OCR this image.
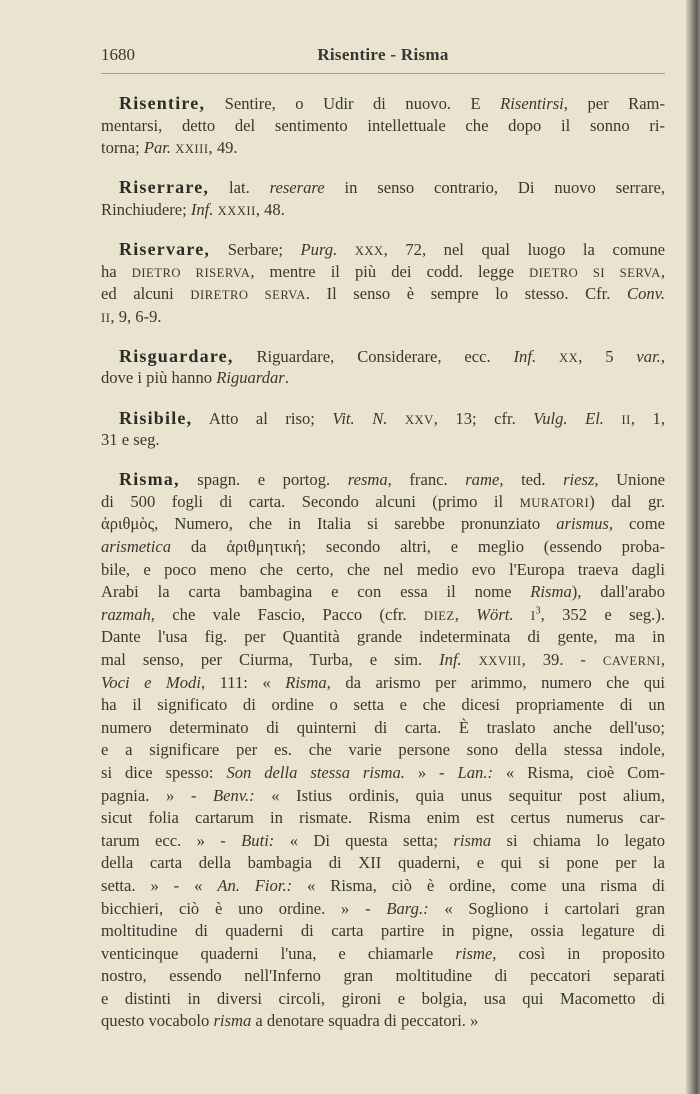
1680	Risentire - Risma
Risentire, Sentire, o Udir di nuovo. E Risentirsi, per Ram-
mentarsi, detto del sentimento intellettuale che dopo il sonno ri-
torna; Par. XXIII, 49.
Riserrare, lat. reserare in senso contrario, Di nuovo serrare,
Rinchiudere; Inf. XXXII, 48.
Riservare, Serbare; Purg. XXX, 72, nel qual luogo la comune
ha DIETRO RISERVA, mentre il più dei codd. legge DIETRO SI SERVA,
ed alcuni DIRETRO SERVA. Il senso è sempre lo stesso. Cfr. Conv.
II, 9, 6-9.
Risguardare, Riguardare, Considerare, ecc. Inf. XX, 5 var.,
dove i più hanno Riguardar.
Risibile, Atto al riso; Vit. N. XXV, 13; cfr. Vulg. El. II, 1,
31 e seg.
Risma, spagn. e portog. resma, franc. rame, ted. riesz, Unione
di 500 fogli di carta. Secondo alcuni (primo il MURATORI) dal gr.
ἀριθμὸς, Numero, che in Italia si sarebbe pronunziato arismus, come
arismetica da ἀριθμητική; secondo altri, e meglio (essendo proba-
bile, e poco meno che certo, che nel medio evo l'Europa traeva dagli
Arabi la carta bambagina e con essa il nome Risma), dall'arabo
razmah, che vale Fascio, Pacco (cfr. DIEZ, Wört. $I^3$, 352 e seg.).
Dante l'usa fig. per Quantità grande indeterminata di gente, ma in
mal senso, per Ciurma, Turba, e sim. Inf. XXVIII, 39. - CAVERNI,
Voci e Modi, 111: « Risma, da arismo per arimmo, numero che qui
ha il significato di ordine o setta e che dicesi propriamente di un
numero determinato di quinterni di carta. È traslato anche dell'uso;
e a significare per es. che varie persone sono della stessa indole,
si dice spesso: Son della stessa risma. » - Lan.: « Risma, cioè Com-
pagnia. » - Benv.: « Istius ordinis, quia unus sequitur post alium,
sicut folia cartarum in rismate. Risma enim est certus numerus car-
tarum ecc. » - Buti: « Di questa setta; risma si chiama lo legato
della carta della bambagia di XII quaderni, e qui si pone per la
setta. » - « An. Fior.: « Risma, ciò è ordine, come una risma di
bicchieri, ciò è uno ordine. » - Barg.: « Sogliono i cartolari gran
moltitudine di quaderni di carta partire in pigne, ossia legature di
venticinque quaderni l'una, e chiamarle risme, così in proposito
nostro, essendo nell'Inferno gran moltitudine di peccatori separati
e distinti in diversi circoli, gironi e bolgia, usa qui Macometto di
questo vocabolo risma a denotare squadra di peccatori. »
